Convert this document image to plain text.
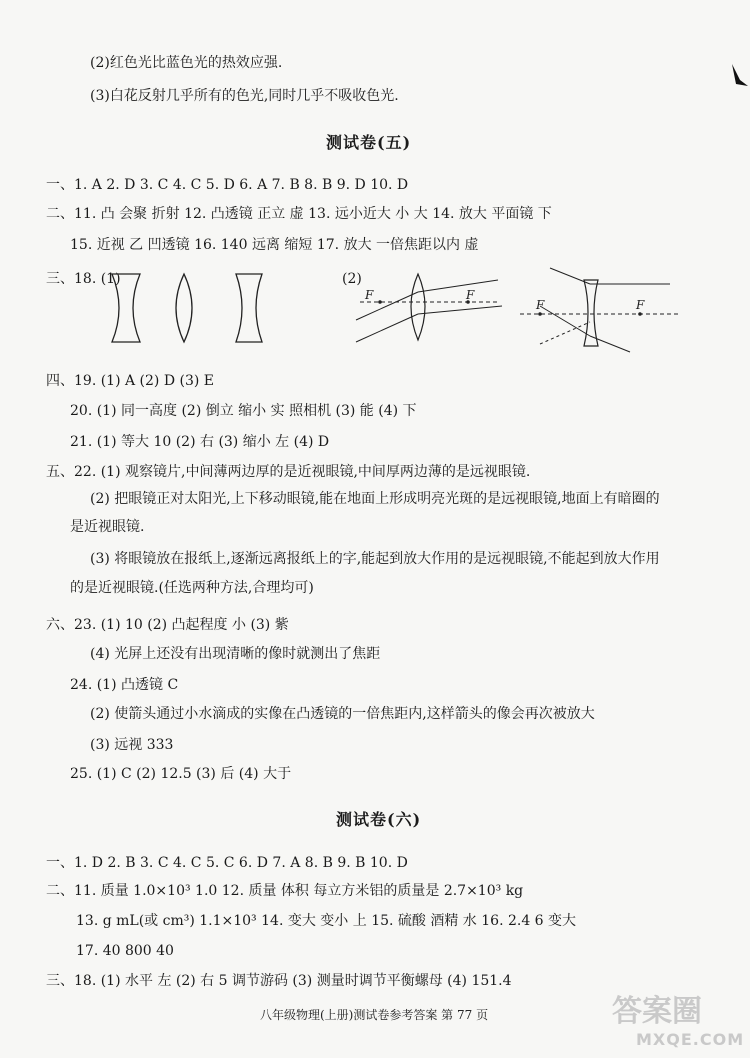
(2)红色光比蓝色光的热效应强.
(3)白花反射几乎所有的色光,同时几乎不吸收色光.
测试卷(五)
一、1. A 2. D 3. C 4. C 5. D 6. A 7. B 8. B 9. D 10. D
二、11. 凸 会聚 折射 12. 凸透镜 正立 虚 13. 远小近大 小 大 14. 放大 平面镜 下
15. 近视 乙 凹透镜 16. 140 远离 缩短 17. 放大 一倍焦距以内 虚
三、18. (1)	(2)
F	F
F	F
四、19. (1) A (2) D (3) E
20. (1) 同一高度 (2) 倒立 缩小 实 照相机 (3) 能 (4) 下
21. (1) 等大 10 (2) 右 (3) 缩小 左 (4) D
五、22. (1) 观察镜片,中间薄两边厚的是近视眼镜,中间厚两边薄的是远视眼镜.
(2) 把眼镜正对太阳光,上下移动眼镜,能在地面上形成明亮光斑的是远视眼镜,地面上有暗圈的
是近视眼镜.
(3) 将眼镜放在报纸上,逐渐远离报纸上的字,能起到放大作用的是远视眼镜,不能起到放大作用
的是近视眼镜.(任选两种方法,合理均可)
六、23. (1) 10 (2) 凸起程度 小 (3) 紫
(4) 光屏上还没有出现清晰的像时就测出了焦距
24. (1) 凸透镜 C
(2) 使箭头通过小水滴成的实像在凸透镜的一倍焦距内,这样箭头的像会再次被放大
(3) 远视 333
25. (1) C (2) 12.5 (3) 后 (4) 大于
测试卷(六)
一、1. D 2. B 3. C 4. C 5. C 6. D 7. A 8. B 9. B 10. D
二、11. 质量 1.0×10³ 1.0 12. 质量 体积 每立方米铝的质量是 2.7×10³ kg
13. g mL(或 cm³) 1.1×10³ 14. 变大 变小 上 15. 硫酸 酒精 水 16. 2.4 6 变大
17. 40 800 40
三、18. (1) 水平 左 (2) 右 5 调节游码 (3) 测量时调节平衡螺母 (4) 151.4
八年级物理(上册)测试卷参考答案 第 77 页	答案圈
MXQE.COM
